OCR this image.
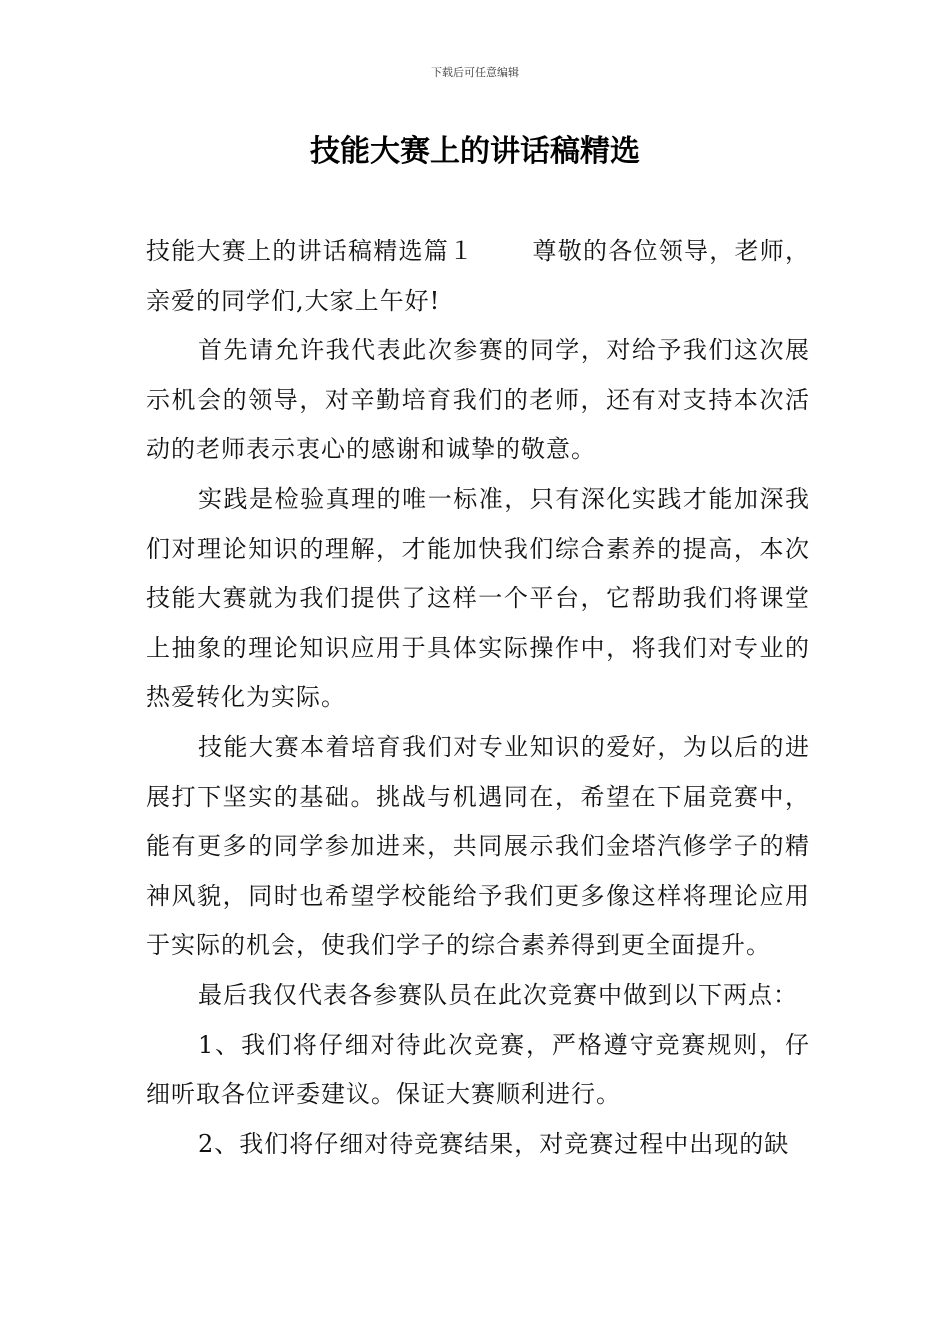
下载后可任意编辑
技能大赛上的讲话稿精选

技能大赛上的讲话稿精选篇１ 尊敬的各位领导，老师，亲爱的同学们,大家上午好!

首先请允许我代表此次参赛的同学，对给予我们这次展示机会的领导，对辛勤培育我们的老师，还有对支持本次活动的老师表示衷心的感谢和诚挚的敬意。

实践是检验真理的唯一标准，只有深化实践才能加深我们对理论知识的理解，才能加快我们综合素养的提高，本次技能大赛就为我们提供了这样一个平台，它帮助我们将课堂上抽象的理论知识应用于具体实际操作中，将我们对专业的热爱转化为实际。

技能大赛本着培育我们对专业知识的爱好，为以后的进展打下坚实的基础。挑战与机遇同在，希望在下届竞赛中，能有更多的同学参加进来，共同展示我们金塔汽修学子的精神风貌，同时也希望学校能给予我们更多像这样将理论应用于实际的机会，使我们学子的综合素养得到更全面提升。

最后我仅代表各参赛队员在此次竞赛中做到以下两点：

1、我们将仔细对待此次竞赛，严格遵守竞赛规则，仔细听取各位评委建议。保证大赛顺利进行。

2、我们将仔细对待竞赛结果，对竞赛过程中出现的缺
